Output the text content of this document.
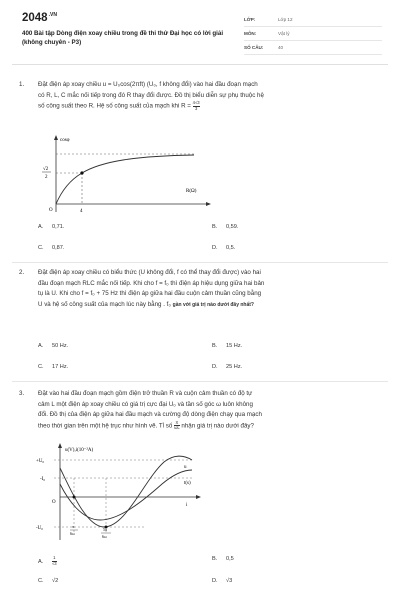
$2048^{.VN}$
400 Bài tập Dòng điện xoay chiều trong đề thi thử Đại học có lời giải (không chuyên - P3)
LỚP:	Lớp 12
MÔN:	Vật lý
SỐ CÂU:	40
1. Đặt điện áp xoay chiều u = U₀cos(2πft) (U₀, f không đổi) vào hai đầu đoạn mạch
có R, L, C mắc nối tiếp trong đó R thay đổi được. Đồ thị biểu diễn sự phụ thuộc hệ
số công suất theo R. Hệ số công suất của mạch khi $R = \frac{4√3}{3}$
cosφ
√2
2
R(Ω)
O	4
A. 0,71.	B. 0,59.
C. 0,87.	D. 0,5.
2. Đặt điện áp xoay chiều có biểu thức (U không đổi, f có thể thay đổi được) vào hai
đầu đoạn mạch RLC mắc nối tiếp. Khi cho f = f₀ thì điện áp hiệu dụng giữa hai bản
tụ là U. Khi cho f = f₀ + 75 Hz thì điện áp giữa hai đầu cuộn cảm thuần cũng bằng
U và hệ số công suất của mạch lúc này bằng . f₀ gần với giá trị nào dưới đây nhất?
A. 50 Hz.	B. 15 Hz.
C. 17 Hz.	D. 25 Hz.
3. Đặt vào hai đầu đoạn mạch gồm điện trở thuần R và cuộn cảm thuần có độ tự
cảm L một điện áp xoay chiều có giá trị cực đại U₀ và tần số góc ω luôn không
đổi. Đồ thị của điện áp giữa hai đầu mạch và cường độ dòng điện chạy qua mạch
theo thời gian trên một hệ trục như hình vẽ. Tỉ số $\frac{X}{\omega L}$ nhận giá trị nào dưới đây?
u(V),i(10⁻²A)
+U₀
-I₀
O
-U₀
u
t(s)
i
π
6ω
5π
6ω
A. $\frac{1}{√3}$	B. 0,5
C. √2	D. √3
